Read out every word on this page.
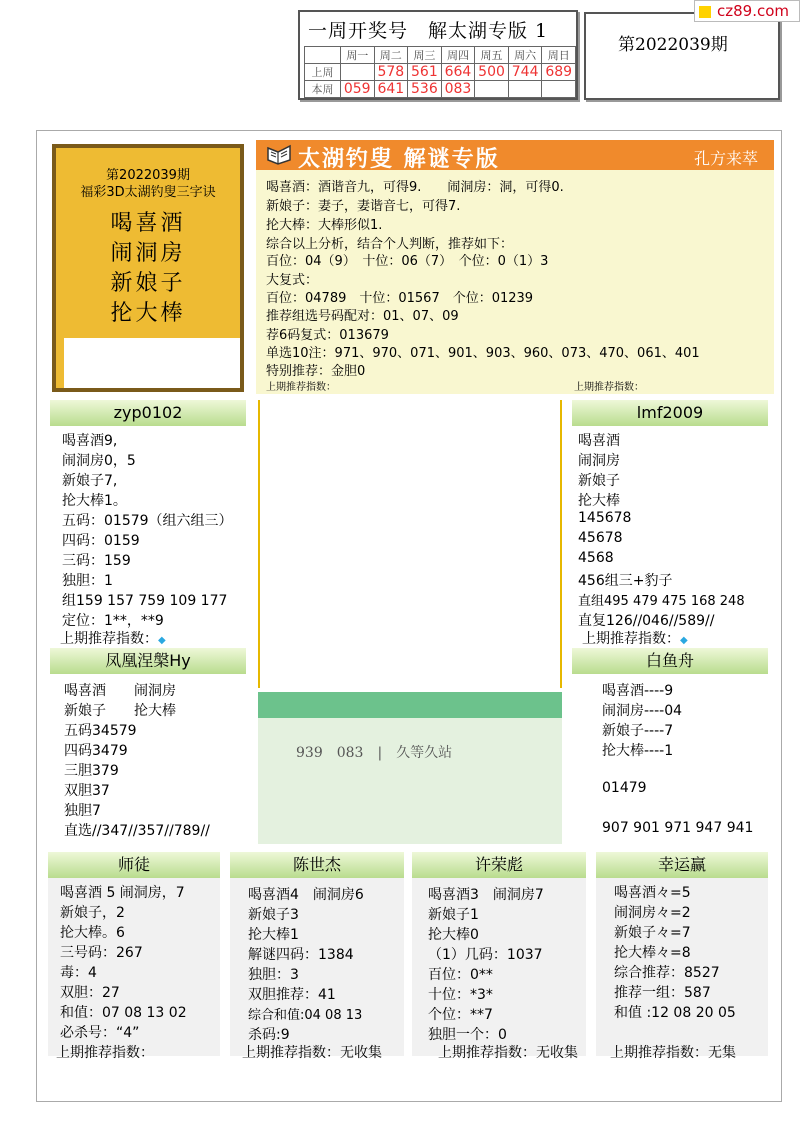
一周开奖号　解太湖专版 1
	周一	周二	周三	周四	周五	周六	周日
上周		578	561	664	500	744	689
本周	059	641	536	083			
第2022039期
cz89.com
第2022039期
福彩3D太湖钓叟三字诀
喝喜酒
闹洞房
新娘子
抡大棒
太湖钓叟 解谜专版	孔方来萃
喝喜酒：酒谐音九，可得9.　　闹洞房：洞，可得0.
新娘子：妻子，妻谐音七，可得7.
抡大棒：大棒形似1.
综合以上分析，结合个人判断，推荐如下：
百位：04（9）　十位：06（7）　个位：0（1）3
大复式：
百位：04789　十位：01567　个位：01239
推荐组选号码配对：01、07、09
荐6码复式：013679
单选10注：971、970、071、901、903、960、073、470、061、401
特别推荐：金胆0
上期推荐指数：	上期推荐指数：
zyp0102
喝喜酒9,
闹洞房0，5
新娘子7,
抡大棒1。
五码：01579（组六组三）
四码：0159
三码：159
独胆：1
组159 157 759 109 177
定位：1**，**9
上期推荐指数：◆
lmf2009
喝喜酒
闹洞房
新娘子
抡大棒
145678
45678
4568
456组三+豹子
直组495 479 475 168 248
直复126//046//589//
上期推荐指数：◆
939　083　|　久等久站
凤凰涅槃Hy
喝喜酒　　闹洞房
新娘子　　抡大棒
五码34579
四码3479
三胆379
双胆37
独胆7
直选//347//357//789//
白鱼舟
喝喜酒----9
闹洞房----04
新娘子----7
抡大棒----1
01479
907 901 971 947 941
师徒
喝喜酒 5 闹洞房，7
新娘子，2
抡大棒。6
三号码：267
毒：4
双胆：27
和值：07 08 13 02
必杀号：“4”
上期推荐指数：
陈世杰
喝喜酒4　闹洞房6
新娘子3
抡大棒1
解谜四码：1384
独胆：3
双胆推荐：41
综合和值:04 08 13
杀码:9
上期推荐指数：无收集
许荣彪
喝喜酒3　闹洞房7
新娘子1
抡大棒0
（1）几码：1037
百位：0**
十位：*3*
个位：**7
独胆一个：0
上期推荐指数：无收集
幸运赢
喝喜酒々=5
闹洞房々=2
新娘子々=7
抡大棒々=8
综合推荐：8527
推荐一组：587
和值 :12 08 20 05
上期推荐指数：无集
